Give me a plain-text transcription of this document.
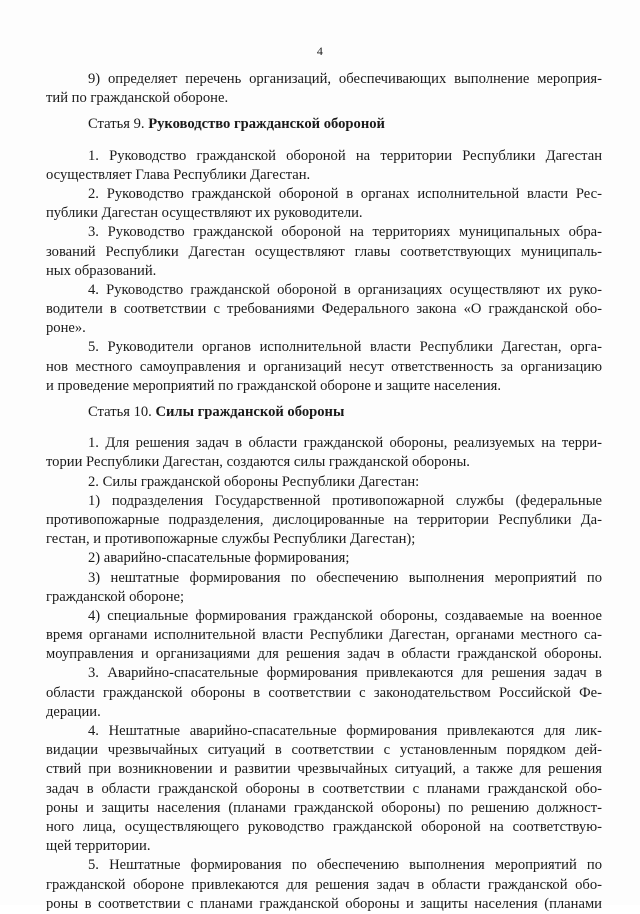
4
9) определяет перечень организаций, обеспечивающих выполнение мероприя-
тий по гражданской обороне.
Статья 9. Руководство гражданской обороной
1. Руководство гражданской обороной на территории Республики Дагестан
осуществляет Глава Республики Дагестан.
2. Руководство гражданской обороной в органах исполнительной власти Рес-
публики Дагестан осуществляют их руководители.
3. Руководство гражданской обороной на территориях муниципальных обра-
зований Республики Дагестан осуществляют главы соответствующих муниципаль-
ных образований.
4. Руководство гражданской обороной в организациях осуществляют их руко-
водители в соответствии с требованиями Федерального закона «О гражданской обо-
роне».
5. Руководители органов исполнительной власти Республики Дагестан, орга-
нов местного самоуправления и организаций несут ответственность за организацию
и проведение мероприятий по гражданской обороне и защите населения.
Статья 10. Силы гражданской обороны
1. Для решения задач в области гражданской обороны, реализуемых на терри-
тории Республики Дагестан, создаются силы гражданской обороны.
2. Силы гражданской обороны Республики Дагестан:
1) подразделения Государственной противопожарной службы (федеральные
противопожарные подразделения, дислоцированные на территории Республики Да-
гестан, и противопожарные службы Республики Дагестан);
2) аварийно-спасательные формирования;
3) нештатные формирования по обеспечению выполнения мероприятий по
гражданской обороне;
4) специальные формирования гражданской обороны, создаваемые на военное
время органами исполнительной власти Республики Дагестан, органами местного са-
моуправления и организациями для решения задач в области гражданской обороны.
3. Аварийно-спасательные формирования привлекаются для решения задач в
области гражданской обороны в соответствии с законодательством Российской Фе-
дерации.
4. Нештатные аварийно-спасательные формирования привлекаются для лик-
видации чрезвычайных ситуаций в соответствии с установленным порядком дей-
ствий при возникновении и развитии чрезвычайных ситуаций, а также для решения
задач в области гражданской обороны в соответствии с планами гражданской обо-
роны и защиты населения (планами гражданской обороны) по решению должност-
ного лица, осуществляющего руководство гражданской обороной на соответствую-
щей территории.
5. Нештатные формирования по обеспечению выполнения мероприятий по
гражданской обороне привлекаются для решения задач в области гражданской обо-
роны в соответствии с планами гражданской обороны и защиты населения (планами
